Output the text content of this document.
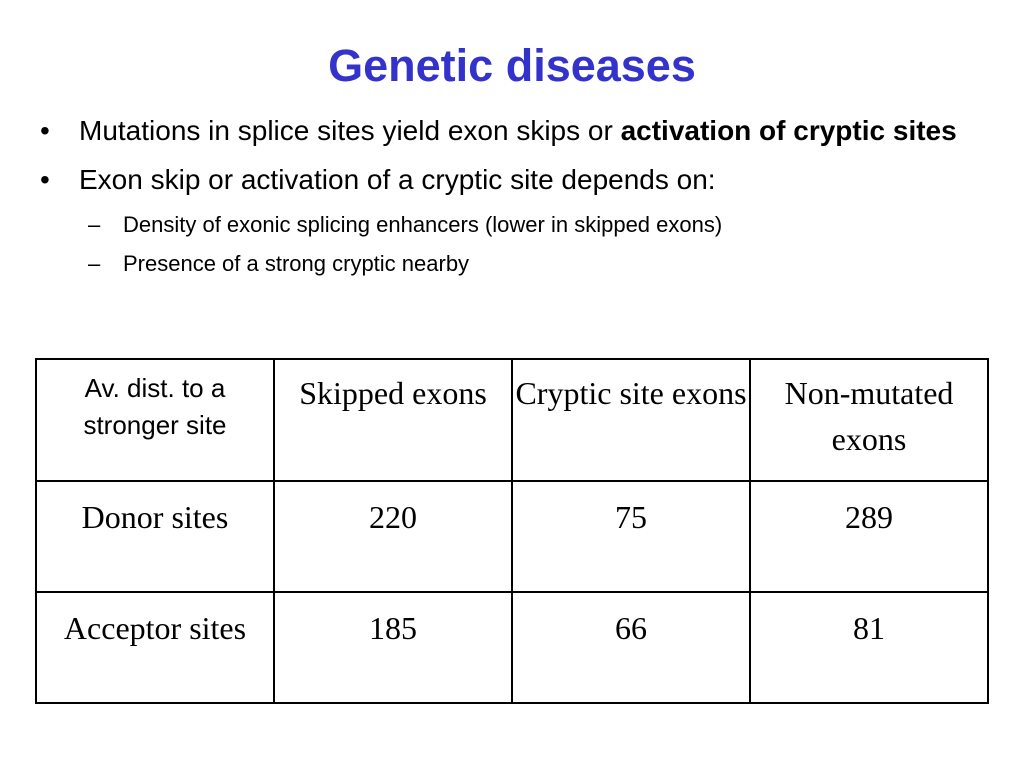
Genetic diseases
• Mutations in splice sites yield exon skips or activation of cryptic sites
• Exon skip or activation of a cryptic site depends on:
– Density of exonic splicing enhancers (lower in skipped exons)
– Presence of a strong cryptic nearby
Av. dist. to a stronger site	Skipped exons	Cryptic site exons	Non-mutated exons

Donor sites	220	75	289

Acceptor sites	185	66	81
